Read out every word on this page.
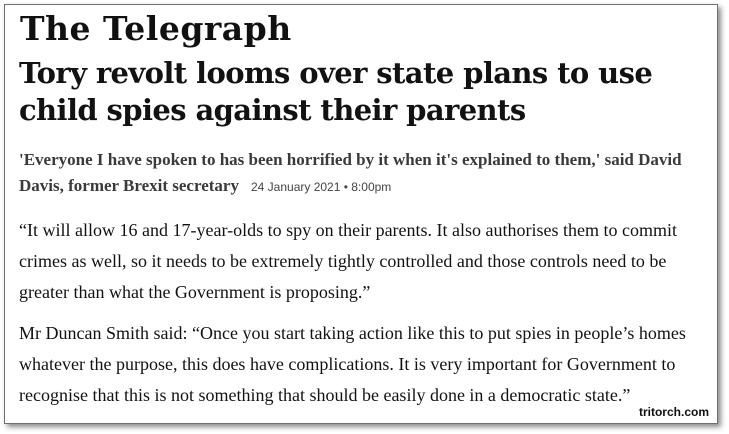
The Telegraph
Tory revolt looms over state plans to use child spies against their parents

'Everyone I have spoken to has been horrified by it when it's explained to them,' said David Davis, former Brexit secretary 24 January 2021 • 8:00pm

“It will allow 16 and 17-year-olds to spy on their parents. It also authorises them to commit crimes as well, so it needs to be extremely tightly controlled and those controls need to be greater than what the Government is proposing.”

Mr Duncan Smith said: “Once you start taking action like this to put spies in people’s homes whatever the purpose, this does have complications. It is very important for Government to recognise that this is not something that should be easily done in a democratic state.”

tritorch.com
